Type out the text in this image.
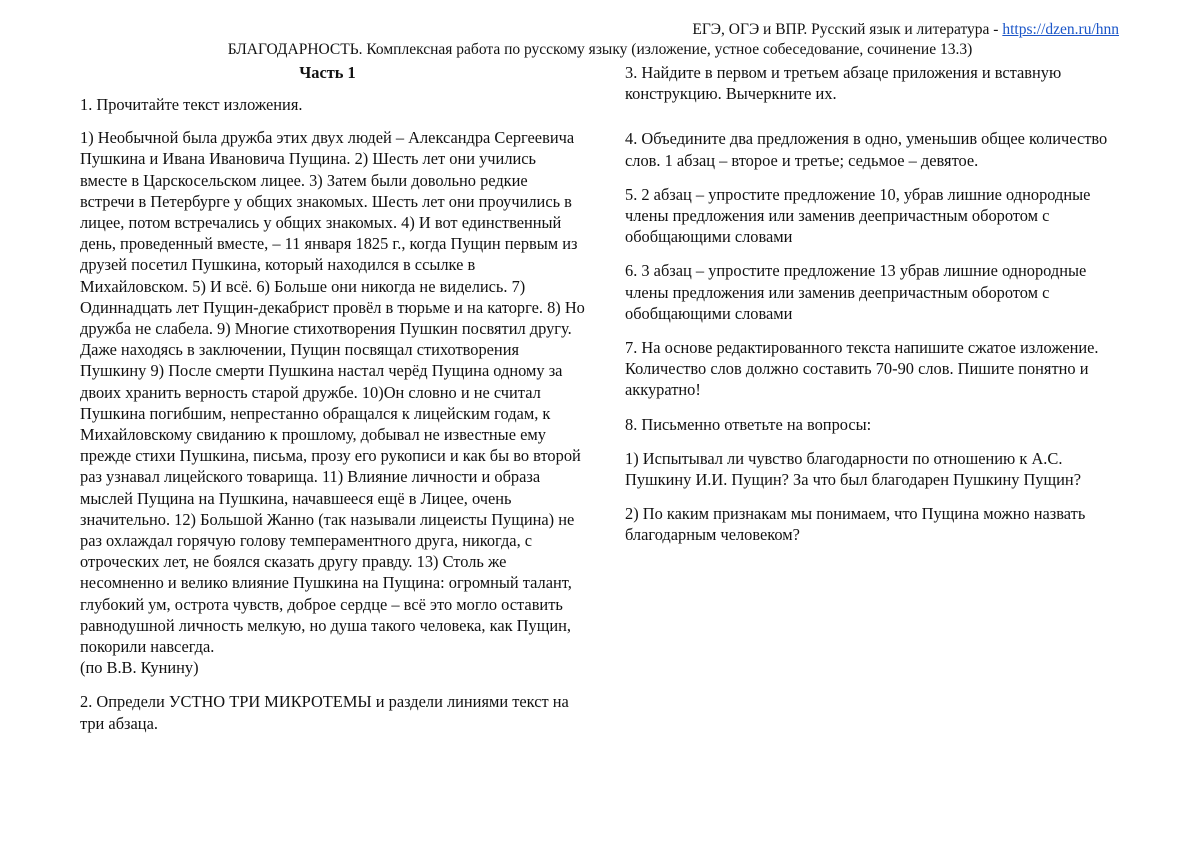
ЕГЭ, ОГЭ и ВПР. Русский язык и литература - https://dzen.ru/hnn
БЛАГОДАРНОСТЬ. Комплексная работа по русскому языку (изложение, устное собеседование, сочинение 13.3)
Часть 1

1. Прочитайте текст изложения.

1) Необычной была дружба этих двух людей – Александра Сергеевича Пушкина и Ивана Ивановича Пущина. 2) Шесть лет они учились вместе в Царскосельском лицее. 3) Затем были довольно редкие встречи в Петербурге у общих знакомых. Шесть лет они проучились в лицее, потом встречались у общих знакомых. 4) И вот единственный день, проведенный вместе, – 11 января 1825 г., когда Пущин первым из друзей посетил Пушкина, который находился в ссылке в Михайловском. 5) И всё. 6) Больше они никогда не виделись. 7) Одиннадцать лет Пущин-декабрист провёл в тюрьме и на каторге. 8) Но дружба не слабела. 9) Многие стихотворения Пушкин посвятил другу. Даже находясь в заключении, Пущин посвящал стихотворения Пушкину 9) После смерти Пушкина настал черёд Пущина одному за двоих хранить верность старой дружбе. 10)Он словно и не считал Пушкина погибшим, непрестанно обращался к лицейским годам, к Михайловскому свиданию к прошлому, добывал не известные ему прежде стихи Пушкина, письма, прозу его рукописи и как бы во второй раз узнавал лицейского товарища. 11) Влияние личности и образа мыслей Пущина на Пушкина, начавшееся ещё в Лицее, очень значительно. 12) Большой Жанно (так называли лицеисты Пущина) не раз охлаждал горячую голову темпераментного друга, никогда, с отроческих лет, не боялся сказать другу правду. 13) Столь же несомненно и велико влияние Пушкина на Пущина: огромный талант, глубокий ум, острота чувств, доброе сердце – всё это могло оставить равнодушной личность мелкую, но душа такого человека, как Пущин, покорили навсегда.

(по В.В. Кунину)

2. Определи УСТНО ТРИ МИКРОТЕМЫ и раздели линиями текст на три абзаца.

3. Найдите в первом и третьем абзаце приложения и вставную конструкцию. Вычеркните их.

4. Объедините два предложения в одно, уменьшив общее количество слов. 1 абзац – второе и третье; седьмое – девятое.

5. 2 абзац – упростите предложение 10, убрав лишние однородные члены предложения или заменив деепричастным оборотом с обобщающими словами

6. 3 абзац – упростите предложение 13 убрав лишние однородные члены предложения или заменив деепричастным оборотом с обобщающими словами

7. На основе редактированного текста напишите сжатое изложение. Количество слов должно составить 70-90 слов. Пишите понятно и аккуратно!

8. Письменно ответьте на вопросы:

1) Испытывал ли чувство благодарности по отношению к А.С. Пушкину И.И. Пущин? За что был благодарен Пушкину Пущин?

2) По каким признакам мы понимаем, что Пущина можно назвать благодарным человеком?
